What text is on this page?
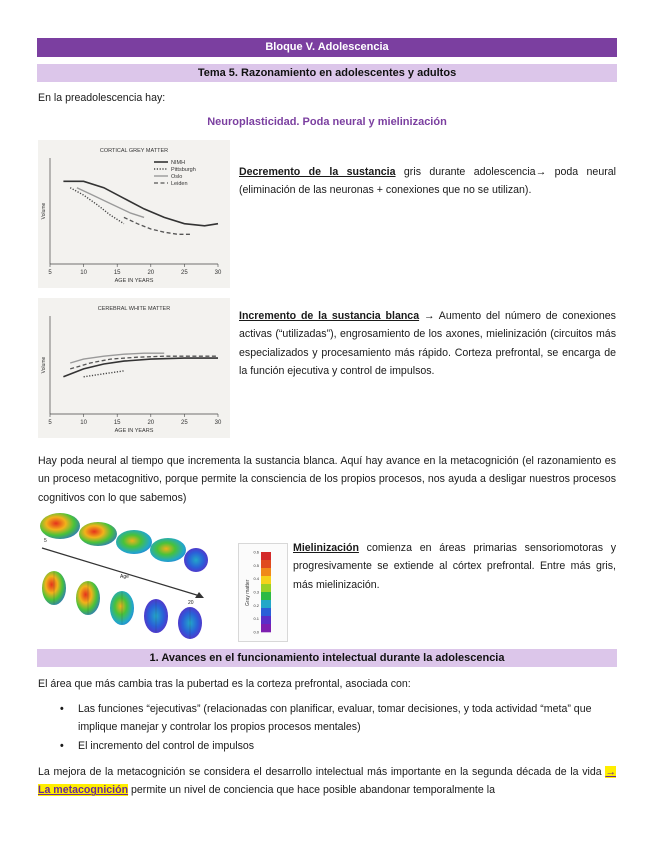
Bloque V. Adolescencia
Tema 5. Razonamiento en adolescentes y adultos
En la preadolescencia hay:
Neuroplasticidad. Poda neural y mielinización
CORTICAL GREY MATTER
5	10	15	20	25	30
AGE IN YEARS
Volume
NIMH
Pittsburgh
Oslo
Leiden
CEREBRAL WHITE MATTER
5	10	15	20	25	30
AGE IN YEARS
Volume
Decremento de la sustancia gris durante adolescencia→ poda neural (eliminación de las neuronas + conexiones que no se utilizan).
Incremento de la sustancia blanca → Aumento del número de conexiones activas (“utilizadas”), engrosamiento de los axones, mielinización (circuitos más especializados y procesamiento más rápido. Corteza prefrontal, se encarga de la función ejecutiva y control de impulsos.
Hay poda neural al tiempo que incrementa la sustancia blanca. Aquí hay avance en la metacognición (el razonamiento es un proceso metacognitivo, porque permite la consciencia de los propios procesos, nos ayuda a desligar nuestros procesos cognitivos con lo que sabemos)
5
Age
20	Gray matter
0.6
0.5
0.4
0.3
0.2
0.1
0.0
Mielinización comienza en áreas primarias sensoriomotoras y progresivamente se extiende al córtex prefrontal. Entre más gris, más mielinización.
1. Avances en el funcionamiento intelectual durante la adolescencia
El área que más cambia tras la pubertad es la corteza prefrontal, asociada con:
• Las funciones “ejecutivas” (relacionadas con planificar, evaluar, tomar decisiones, y toda actividad “meta” que implique manejar y controlar los propios procesos mentales)
• El incremento del control de impulsos
La mejora de la metacognición se considera el desarrollo intelectual más importante en la segunda década de la vida → La metacognición permite un nivel de conciencia que hace posible abandonar temporalmente la
